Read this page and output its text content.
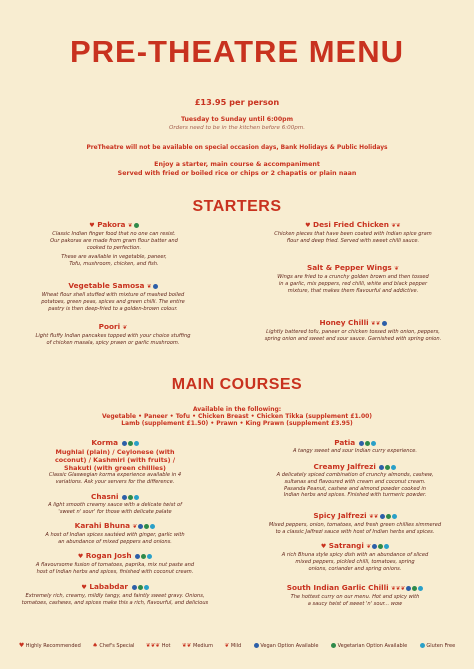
PRE-THEATRE MENU
£13.95 per person
Tuesday to Sunday until 6:00pm
Orders need to be in the kitchen before 6:00pm.
PreTheatre will not be available on special occasion days, Bank Holidays & Public Holidays
Enjoy a starter, main course & accompaniment
Served with fried or boiled rice or chips or 2 chapatis or plain naan
STARTERS
♥ Pakora ❦
Classic Indian finger food that no one can resist.
Our pakoras are made from gram flour batter and
cooked to perfection.
These are available in vegetable, paneer,
Tofu, mushroom, chicken, and fish.
Vegetable Samosa ❦
Wheat flour shell stuffed with mixture of mashed boiled
potatoes, green peas, spices and green chilli. The entire
pastry is then deep-fried to a golden-brown colour.
Poori ❦
Light fluffy Indian pancakes topped with your choice stuffing
of chicken masala, spicy prawn or garlic mushroom.
♥ Desi Fried Chicken ❦❦
Chicken pieces that have been coated with Indian spice gram
flour and deep fried. Served with sweet chilli sauce.
Salt & Pepper Wings ❦
Wings are fried to a crunchy golden brown and then tossed
in a garlic, mix peppers, red chilli, white and black pepper
mixture, that makes them flavourful and addictive.
Honey Chilli ❦❦
Lightly battered tofu, paneer or chicken tossed with onion, peppers,
spring onion and sweet and sour sauce. Garnished with spring onion.
MAIN COURSES
Available in the following:
Vegetable • Paneer • Tofu • Chicken Breast • Chicken Tikka (supplement £1.00)
Lamb (supplement £1.50) • Prawn • King Prawn (supplement £3.95)
Korma
Mughlai (plain) / Ceylonese (with
coconut) / Kashmiri (with fruits) /
Shakuti (with green chillies)
Classic Glaswegian korma experience available in 4
variations. Ask your servers for the difference.
Chasni
A light smooth creamy sauce with a delicate twist of
'sweet n' sour' for those with delicate palate
Karahi Bhuna ❦
A host of Indian spices sautéed with ginger, garlic with
an abundance of mixed peppers and onions.
♥ Rogan Josh
A flavoursome fusion of tomatoes, paprika, mix nut paste and
host of Indian herbs and spices, finished with coconut cream.
♥ Lababdar
Extremely rich, creamy, mildly tangy, and faintly sweet gravy. Onions,
tomatoes, cashews, and spices make this a rich, flavourful, and delicious
Patia
A tangy sweet and sour Indian curry experience.
Creamy Jalfrezi
A delicately spiced combination of crunchy almonds, cashew,
sultanas and flavoured with cream and coconut cream.
Pasanda Peanut, cashew and almond powder cooked in
Indian herbs and spices. Finished with turmeric powder.
Spicy Jalfrezi ❦❦
Mixed peppers, onion, tomatoes, and fresh green chillies simmered
to a classic Jalfrezi sauce with host of Indian herbs and spices.
♥ Satrangi ❦
A rich Bhuna style spicy dish with an abundance of sliced
mixed peppers, pickled chilli, tomatoes, spring
onions, coriander and spring onions.
South Indian Garlic Chilli ❦❦❦
The hottest curry on our menu. Hot and spicy with
a saucy twist of sweet 'n' sour... wow
♥ Highly Recommended ♠ Chef's Special ❦❦❦ Hot ❦❦ Medium ❦ Mild	Vegan Option Available	Vegetarian Option Available	Gluten Free
